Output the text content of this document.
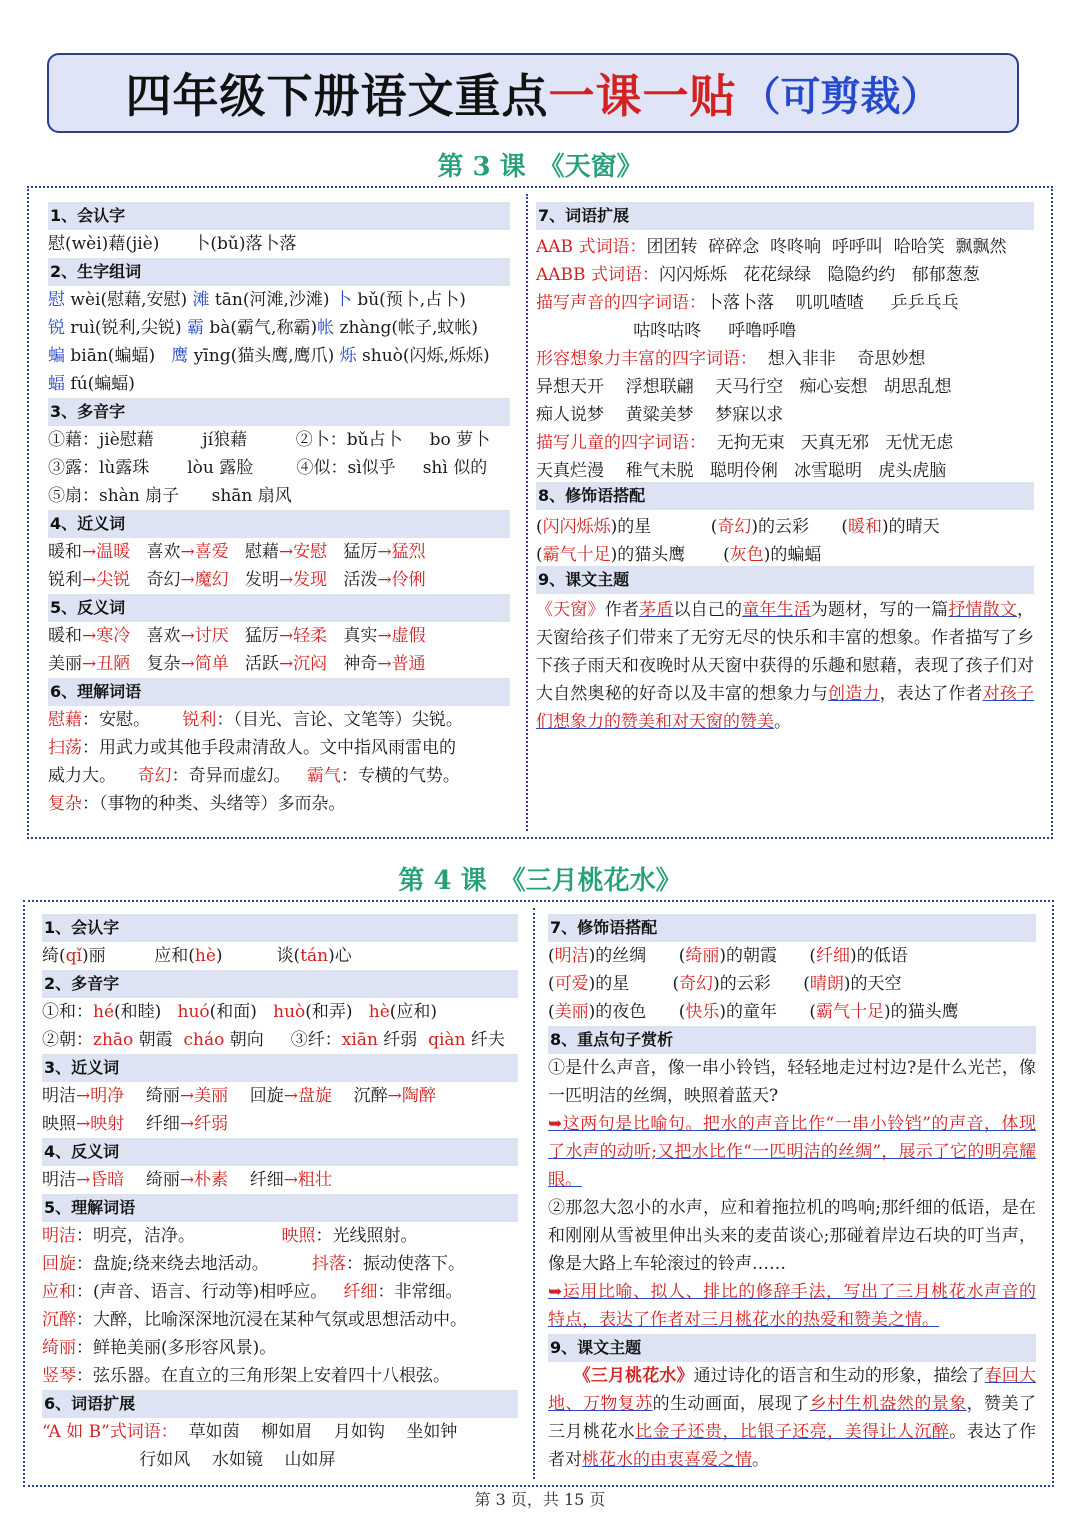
四年级下册语文重点 一课一贴 （可剪裁）
第 3 课　《天窗》
1、会认字
慰(wèi)藉(jiè)　　 卜(bǔ)落卜落
2、生字组词
慰 wèi(慰藉,安慰) 滩 tān(河滩,沙滩) 卜 bǔ(预卜,占卜)
锐 ruì(锐利,尖锐) 霸 bà(霸气,称霸)帐 zhàng(帐子,蚊帐)
蝙 biān(蝙蝠)   鹰 yīng(猫头鹰,鹰爪) 烁 shuò(闪烁,烁烁)
蝠 fú(蝙蝠)
3、多音字
①藉：jiè慰藉         jí狼藉         ②卜：bǔ占卜     bo 萝卜
③露：lù露珠       lòu 露脸        ④似：sì似乎     shì 似的
⑤扇：shàn 扇子      shān 扇风
4、近义词
暖和→温暖   喜欢→喜爱   慰藉→安慰   猛厉→猛烈
锐利→尖锐   奇幻→魔幻   发明→发现   活泼→伶俐
5、反义词
暖和→寒冷   喜欢→讨厌   猛厉→轻柔   真实→虚假
美丽→丑陋   复杂→简单   活跃→沉闷   神奇→普通
6、理解词语
慰藉：安慰。      锐利：（目光、言论、文笔等）尖锐。
扫荡：用武力或其他手段肃清敌人。文中指风雨雷电的
威力大。    奇幻：奇异而虚幻。   霸气：专横的气势。
复杂：（事物的种类、头绪等）多而杂。
7、词语扩展
AAB 式词语：团团转  碎碎念  咚咚响  呼呼叫  哈哈笑  飘飘然
AABB 式词语：闪闪烁烁   花花绿绿   隐隐约约   郁郁葱葱
描写声音的四字词语：卜落卜落    叽叽喳喳     乒乒乓乓
咕咚咕咚     呼噜呼噜
形容想象力丰富的四字词语：  想入非非    奇思妙想
异想天开    浮想联翩    天马行空   痴心妄想   胡思乱想
痴人说梦    黄粱美梦    梦寐以求
描写儿童的四字词语：  无拘无束   天真无邪   无忧无虑
天真烂漫    稚气未脱   聪明伶俐   冰雪聪明   虎头虎脑
8、修饰语搭配
(闪闪烁烁)的星           (奇幻)的云彩      (暖和)的晴天
(霸气十足)的猫头鹰       (灰色)的蝙蝠
9、课文主题
《天窗》作者茅盾以自己的童年生活为题材，写的一篇抒情散文，天窗给孩子们带来了无穷无尽的快乐和丰富的想象。作者描写了乡下孩子雨天和夜晚时从天窗中获得的乐趣和慰藉，表现了孩子们对大自然奥秘的好奇以及丰富的想象力与创造力，表达了作者对孩子们想象力的赞美和对天窗的赞美。
第 4 课　《三月桃花水》
1、会认字
绮(qǐ)丽         应和(hè)          谈(tán)心
2、多音字
①和：hé(和睦)   huó(和面)   huò(和弄)   hè(应和)
②朝：zhāo 朝霞  cháo 朝向     ③纤：xiān 纤弱  qiàn 纤夫
3、近义词
明洁→明净    绮丽→美丽    回旋→盘旋    沉醉→陶醉
映照→映射    纤细→纤弱
4、反义词
明洁→昏暗    绮丽→朴素    纤细→粗壮
5、理解词语
明洁：明亮，洁净。                映照：光线照射。
回旋：盘旋;绕来绕去地活动。        抖落：振动使落下。
应和：(声音、语言、行动等)相呼应。   纤细：非常细。
沉醉：大醉，比喻深深地沉浸在某种气氛或思想活动中。
绮丽：鲜艳美丽(多形容风景)。
竖琴：弦乐器。在直立的三角形架上安着四十八根弦。
6、词语扩展
“A 如 B”式词语：  草如茵    柳如眉    月如钩    坐如钟
行如风    水如镜    山如屏
7、修饰语搭配
(明洁)的丝绸      (绮丽)的朝霞      (纤细)的低语
(可爱)的星        (奇幻)的云彩      (晴朗)的天空
(美丽)的夜色      (快乐)的童年      (霸气十足)的猫头鹰
8、重点句子赏析
①是什么声音，像一串小铃铛，轻轻地走过村边?是什么光芒，像一匹明洁的丝绸，映照着蓝天?
➥这两句是比喻句。把水的声音比作“一串小铃铛”的声音，体现了水声的动听;又把水比作“一匹明洁的丝绸”，展示了它的明亮耀眼。
②那忽大忽小的水声，应和着拖拉机的鸣响;那纤细的低语，是在和刚刚从雪被里伸出头来的麦苗谈心;那碰着岸边石块的叮当声，像是大路上车轮滚过的铃声……
➥运用比喻、拟人、排比的修辞手法，写出了三月桃花水声音的特点，表达了作者对三月桃花水的热爱和赞美之情。
9、课文主题
　　《三月桃花水》通过诗化的语言和生动的形象，描绘了春回大地、万物复苏的生动画面，展现了乡村生机盎然的景象，赞美了三月桃花水比金子还贵，比银子还亮，美得让人沉醉。表达了作者对桃花水的由衷喜爱之情。
第 3 页，共 15 页
